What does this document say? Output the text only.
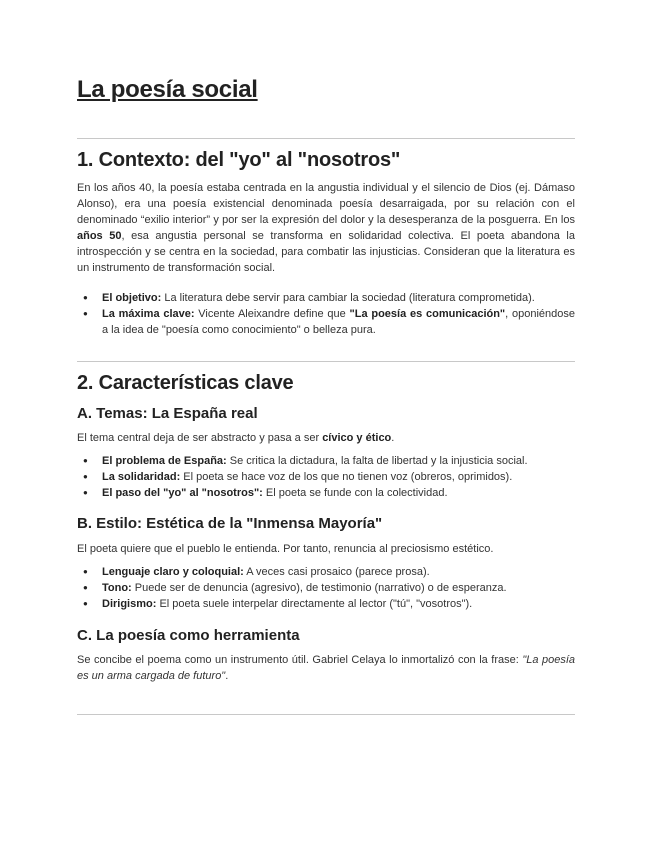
La poesía social
1. Contexto: del "yo" al "nosotros"

En los años 40, la poesía estaba centrada en la angustia individual y el silencio de Dios (ej. Dámaso Alonso), era una poesía existencial denominada poesía desarraigada, por su relación con el denominado “exilio interior” y por ser la expresión del dolor y la desesperanza de la posguerra. En los años 50, esa angustia personal se transforma en solidaridad colectiva. El poeta abandona la introspección y se centra en la sociedad, para combatir las injusticias. Consideran que la literatura es un instrumento de transformación social.

● El objetivo: La literatura debe servir para cambiar la sociedad (literatura comprometida).
● La máxima clave: Vicente Aleixandre define que "La poesía es comunicación", oponiéndose a la idea de "poesía como conocimiento" o belleza pura.
2. Características clave
A. Temas: La España real

El tema central deja de ser abstracto y pasa a ser cívico y ético.

● El problema de España: Se critica la dictadura, la falta de libertad y la injusticia social.
● La solidaridad: El poeta se hace voz de los que no tienen voz (obreros, oprimidos).
● El paso del "yo" al "nosotros": El poeta se funde con la colectividad.
B. Estilo: Estética de la "Inmensa Mayoría"

El poeta quiere que el pueblo le entienda. Por tanto, renuncia al preciosismo estético.

● Lenguaje claro y coloquial: A veces casi prosaico (parece prosa).
● Tono: Puede ser de denuncia (agresivo), de testimonio (narrativo) o de esperanza.
● Dirigismo: El poeta suele interpelar directamente al lector ("tú", "vosotros").
C. La poesía como herramienta

Se concibe el poema como un instrumento útil. Gabriel Celaya lo inmortalizó con la frase: "La poesía es un arma cargada de futuro".
